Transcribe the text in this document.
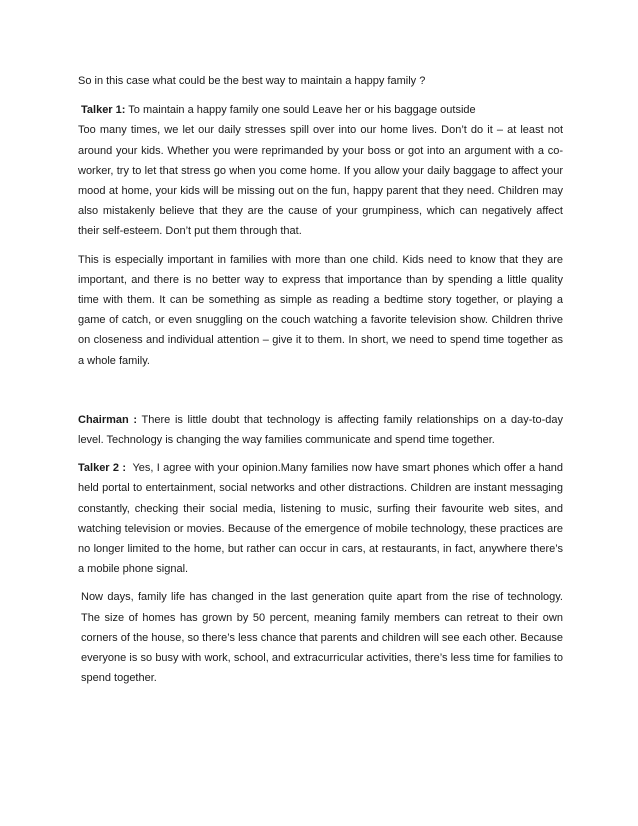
So in this case what could be the best way to maintain a happy family ?

Talker 1: To maintain a happy family one sould Leave her or his baggage outside

Too many times, we let our daily stresses spill over into our home lives. Don’t do it – at least not around your kids. Whether you were reprimanded by your boss or got into an argument with a co-worker, try to let that stress go when you come home. If you allow your daily baggage to affect your mood at home, your kids will be missing out on the fun, happy parent that they need. Children may also mistakenly believe that they are the cause of your grumpiness, which can negatively affect their self-esteem. Don’t put them through that.

This is especially important in families with more than one child. Kids need to know that they are important, and there is no better way to express that importance than by spending a little quality time with them. It can be something as simple as reading a bedtime story together, or playing a game of catch, or even snuggling on the couch watching a favorite television show. Children thrive on closeness and individual attention – give it to them. In short, we need to spend time together as a whole family.

Chairman : There is little doubt that technology is affecting family relationships on a day-to-day level. Technology is changing the way families communicate and spend time together.

Talker 2 : Yes, I agree with your opinion.Many families now have smart phones which offer a hand held portal to entertainment, social networks and other distractions. Children are instant messaging constantly, checking their social media, listening to music, surfing their favourite web sites, and watching television or movies. Because of the emergence of mobile technology, these practices are no longer limited to the home, but rather can occur in cars, at restaurants, in fact, anywhere there’s a mobile phone signal.

Now days, family life has changed in the last generation quite apart from the rise of technology. The size of homes has grown by 50 percent, meaning family members can retreat to their own corners of the house, so there’s less chance that parents and children will see each other. Because everyone is so busy with work, school, and extracurricular activities, there’s less time for families to spend together.
